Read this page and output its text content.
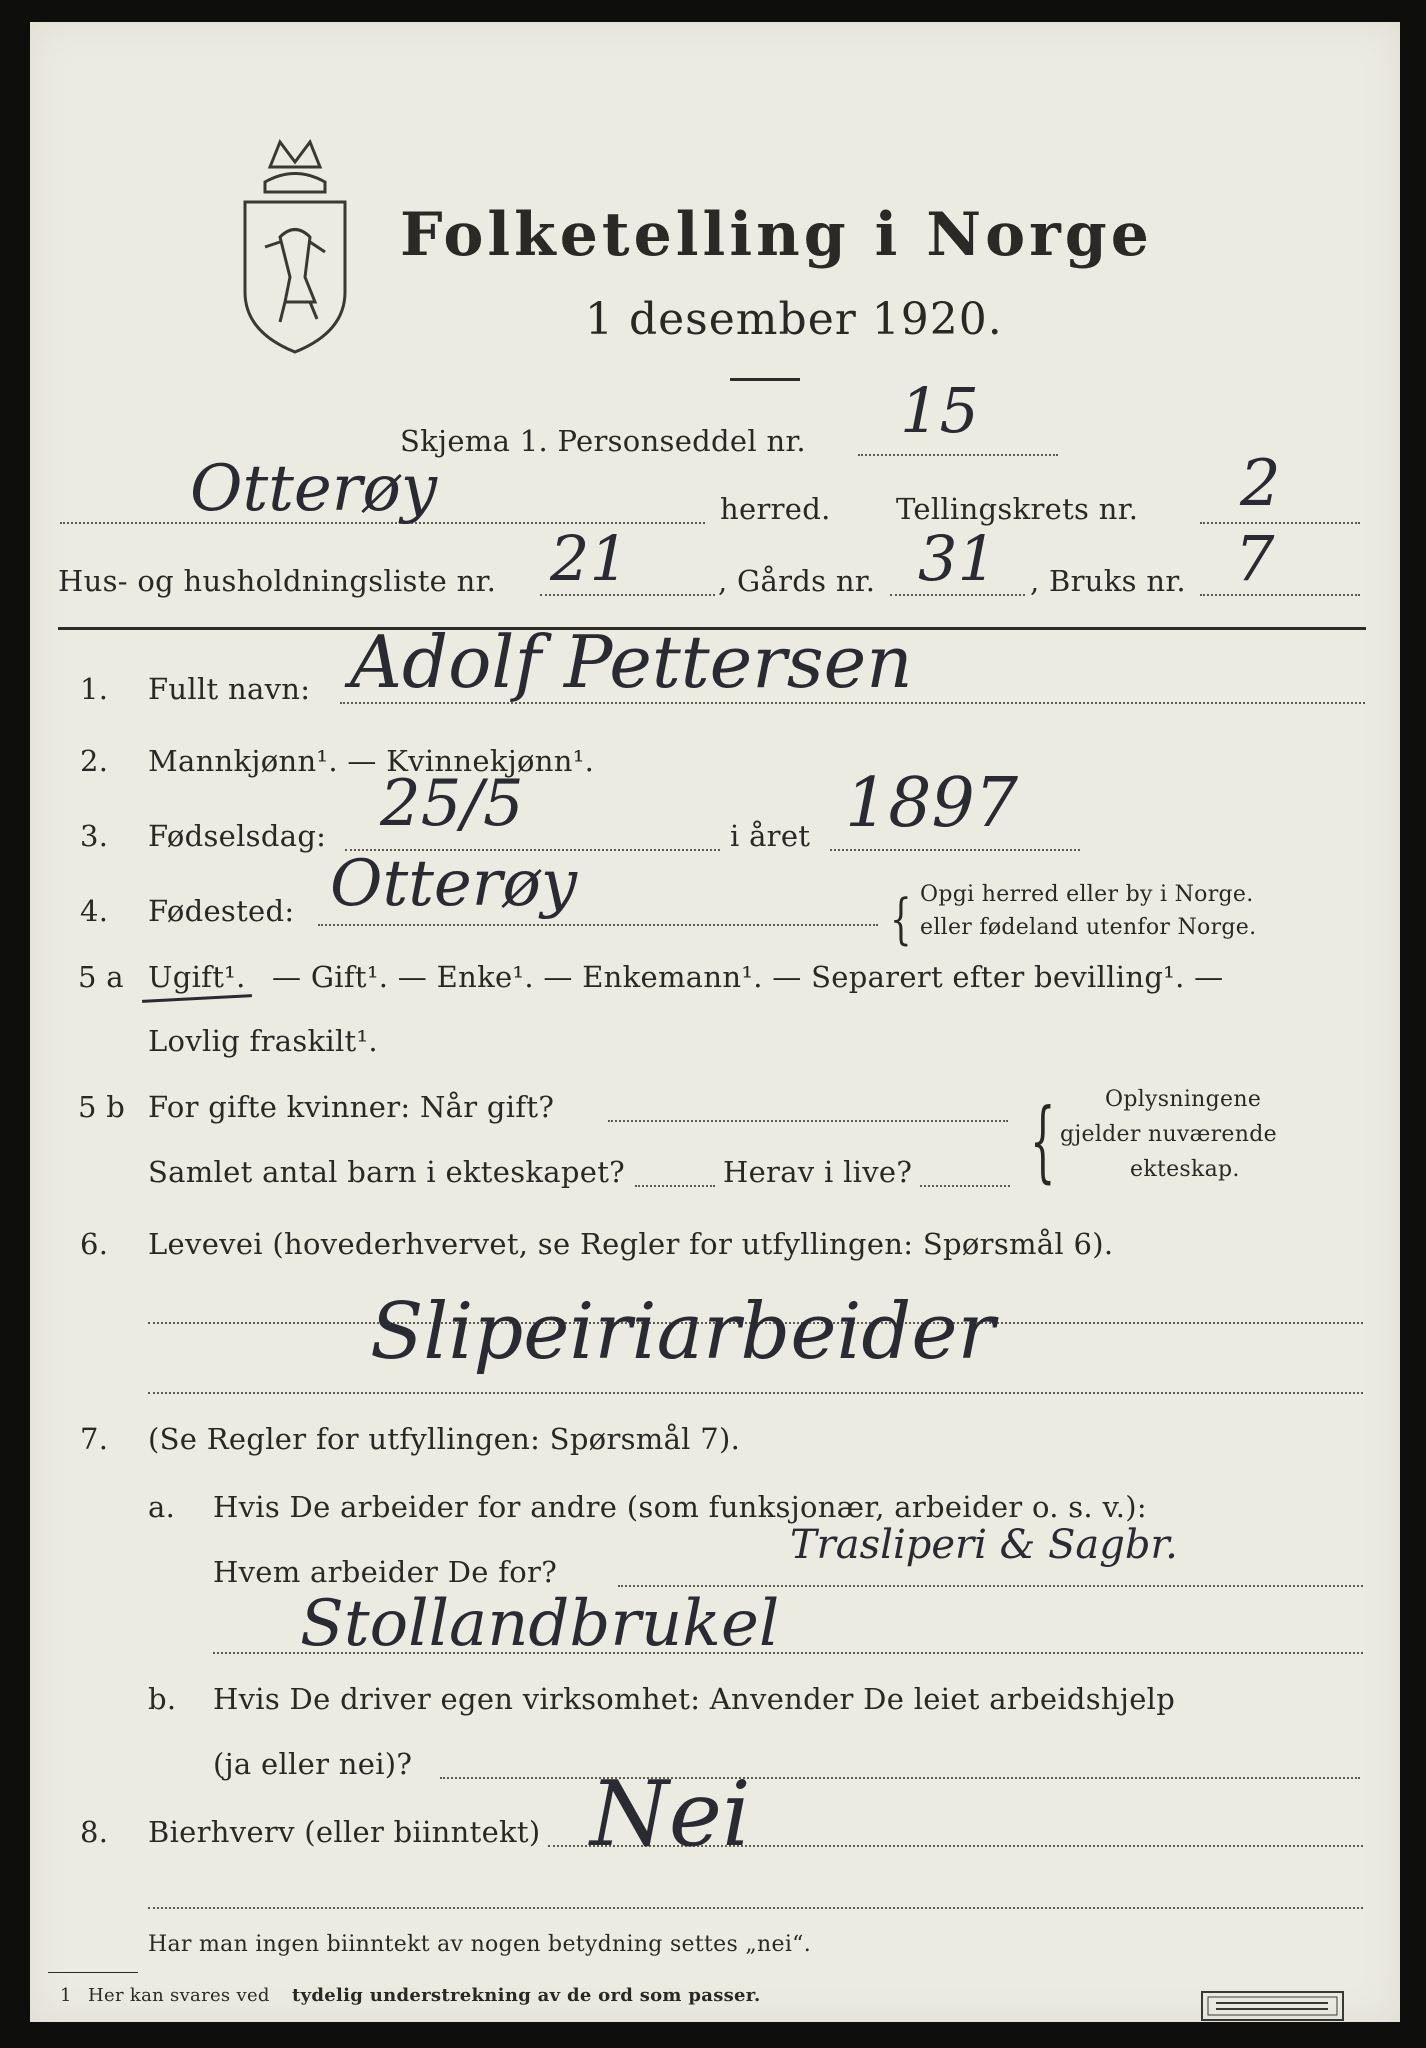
Folketelling i Norge
1 desember 1920.
Skjema 1. Personseddel nr. 15
Otterøy	herred. Tellingskrets nr. 2
Hus- og husholdningsliste nr. 21	, Gårds nr. 31 , Bruks nr. 7
1. Fullt navn: Adolf Pettersen
2. Mannkjønn¹. — Kvinnekjønn¹.
3. Fødselsdag: 25/5	i året 1897
4. Fødested: Otterøy	{ Opgi herred eller by i Norge.
eller fødeland utenfor Norge.
5 a Ugift¹. — Gift¹. — Enke¹. — Enkemann¹. — Separert efter bevilling¹. —
Lovlig fraskilt¹.
5 b For gifte kvinner: Når gift?
Samlet antal barn i ekteskapet?	Herav i live?	{ Oplysningene
gjelder nuværende
ekteskap.
6. Levevei (hovederhvervet, se Regler for utfyllingen: Spørsmål 6).
Slipeiriarbeider
7. (Se Regler for utfyllingen: Spørsmål 7).
a. Hvis De arbeider for andre (som funksjonær, arbeider o. s. v.):
Hvem arbeider De for?
Trasliperi & Sagbr.
Stollandbrukel
b. Hvis De driver egen virksomhet: Anvender De leiet arbeidshjelp
(ja eller nei)?
8. Bierhverv (eller biinntekt) Nei
Har man ingen biinntekt av nogen betydning settes „nei“.
1 Her kan svares ved tydelig understrekning av de ord som passer.
